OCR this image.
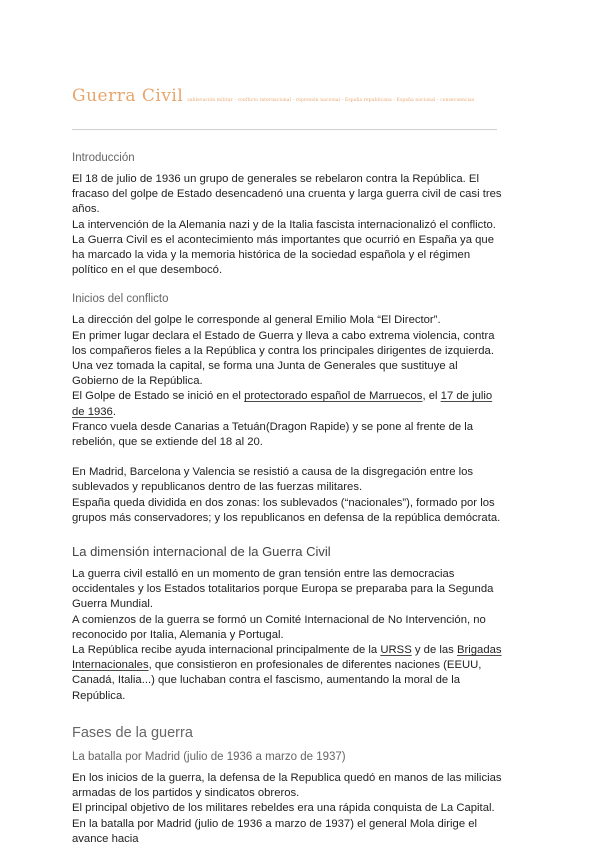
Guerra Civil sublevación militar - conflicto internacional - represión nacional - España republicana - España nacional - consecuencias
Introducción

El 18 de julio de 1936 un grupo de generales se rebelaron contra la República. El fracaso del golpe de Estado desencadenó una cruenta y larga guerra civil de casi tres años.

La intervención de la Alemania nazi y de la Italia fascista internacionalizó el conflicto.

La Guerra Civil es el acontecimiento más importantes que ocurrió en España ya que ha marcado la vida y la memoria histórica de la sociedad española y el régimen político en el que desembocó.

Inicios del conflicto

La dirección del golpe le corresponde al general Emilio Mola “El Director”.

En primer lugar declara el Estado de Guerra y lleva a cabo extrema violencia, contra los compañeros fieles a la República y contra los principales dirigentes de izquierda.

Una vez tomada la capital, se forma una Junta de Generales que sustituye al Gobierno de la República.

El Golpe de Estado se inició en el protectorado español de Marruecos, el 17 de julio de 1936.

Franco vuela desde Canarias a Tetuán(Dragon Rapide) y se pone al frente de la rebelión, que se extiende del 18 al 20.

En Madrid, Barcelona y Valencia se resistió a causa de la disgregación entre los sublevados y republicanos dentro de las fuerzas militares.

España queda dividida en dos zonas: los sublevados (“nacionales”), formado por los grupos más conservadores; y los republicanos en defensa de la república demócrata.

La dimensión internacional de la Guerra Civil

La guerra civil estalló en un momento de gran tensión entre las democracias occidentales y los Estados totalitarios porque Europa se preparaba para la Segunda Guerra Mundial.

A comienzos de la guerra se formó un Comité Internacional de No Intervención, no reconocido por Italia, Alemania y Portugal.

La República recibe ayuda internacional principalmente de la URSS y de las Brigadas Internacionales, que consistieron en profesionales de diferentes naciones (EEUU, Canadá, Italia...) que luchaban contra el fascismo, aumentando la moral de la República.

Fases de la guerra
La batalla por Madrid (julio de 1936 a marzo de 1937)

En los inicios de la guerra, la defensa de la Republica quedó en manos de las milicias armadas de los partidos y sindicatos obreros.

El principal objetivo de los militares rebeldes era una rápida conquista de La Capital. En la batalla por Madrid (julio de 1936 a marzo de 1937) el general Mola dirige el avance hacia
